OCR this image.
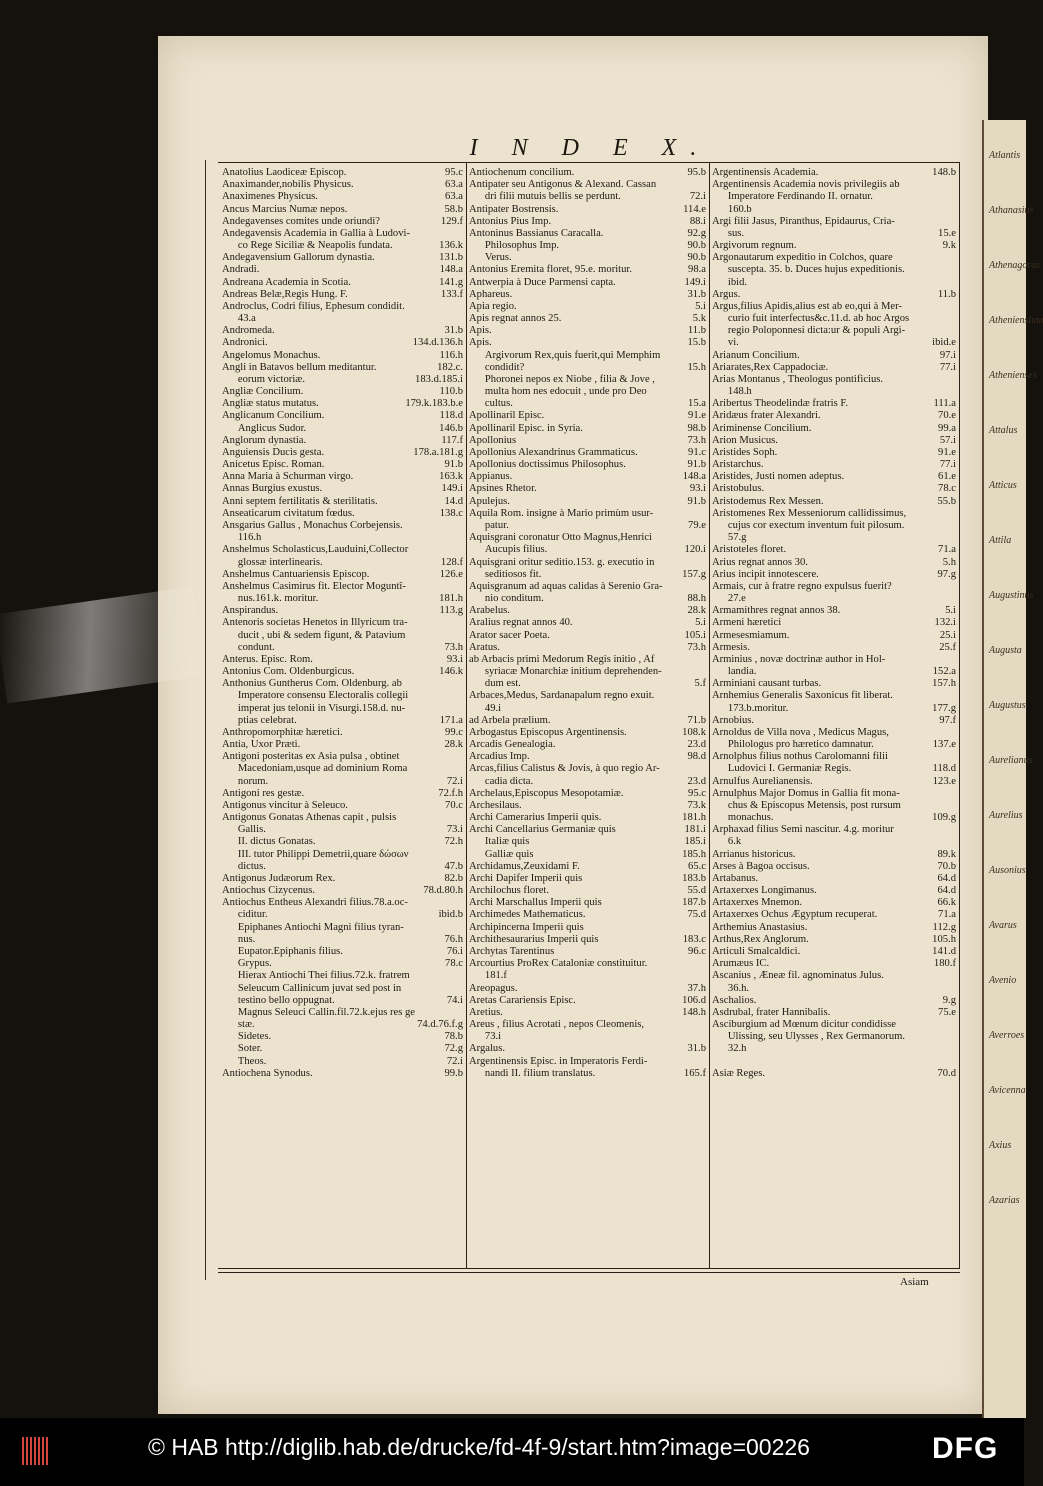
Atlantis
Athanasius
Athenagoras
Atheniensium
Athenienses
Attalus
Atticus
Attila
Augustinus
Augusta
Augustus
Aurelianus
Aurelius
Ausonius
Avarus
Avenio
Averroes
Avicenna
Axius
Azarias
I N D E X.
Anatolius Laodiceæ Episcop.	95.c
Anaximander,nobilis Physicus.	63.a
Anaximenes Physicus.	63.a
Ancus Marcius Numæ nepos.	58.b
Andegavenses comites unde oriundi?	129.f
Andegavensis Academia in Gallia à Ludovi-
  co Rege Siciliæ & Neapolis fundata.	136.k
Andegavensium Gallorum dynastia.	131.b
Andradi.	148.a
Andreana Academia in Scotia.	141.g
Andreas Belæ,Regis Hung. F.	133.f
Androclus, Codri filius, Ephesum condidit.
  43.a
Andromeda.	31.b
Andronici.	134.d.136.h
Angelomus Monachus.	116.h
Angli in Batavos bellum meditantur.	182.c.
  eorum victoriæ.	183.d.185.i
Angliæ Concilium.	110.b
Angliæ status mutatus.	179.k.183.b.e
Anglicanum Concilium.	118.d
  Anglicus Sudor.	146.b
Anglorum dynastia.	117.f
Anguiensis Ducis gesta.	178.a.181.g
Anicetus Episc. Roman.	91.b
Anna Maria à Schurman virgo.	163.k
Annas Burgius exustus.	149.i
Anni septem fertilitatis & sterilitatis.	14.d
Anseaticarum civitatum fœdus.	138.c
Ansgarius Gallus , Monachus Corbejensis.
  116.h
Anshelmus Scholasticus,Lauduini,Collector
  glossæ interlinearis.	128.f
Anshelmus Cantuariensis Episcop.	126.e
Anshelmus Casimirus fit. Elector Moguntî-
  nus.161.k. moritur.	181.h
Anspirandus.	113.g
Antenoris societas Henetos in Illyricum tra-
  ducit , ubi & sedem figunt, & Patavium
  condunt.	73.h
Anterus. Episc. Rom.	93.i
Antonius Com. Oldenburgicus.	146.k
Anthonius Guntherus Com. Oldenburg. ab
  Imperatore consensu Electoralis collegii
  imperat jus telonii in Visurgi.158.d. nu-
  ptias celebrat.	171.a
Anthropomorphitæ hæretici.	99.c
Antia, Uxor Præti.	28.k
Antigoni posteritas ex Asia pulsa , obtinet
  Macedoniam,usque ad dominium Roma
  norum.	72.i
Antigoni res gestæ.	72.f.h
Antigonus vincitur à Seleuco.	70.c
Antigonus Gonatas Athenas capit , pulsis
  Gallis.	73.i
  II. dictus Gonatas.	72.h
  III. tutor Philippi Demetrii,quare δώσων
  dictus.	47.b
Antigonus Judæorum Rex.	82.b
Antiochus Cizycenus.	78.d.80.h
Antiochus Entheus Alexandri filius.78.a.oc-
  ciditur.	ibid.b
  Epiphanes Antiochi Magni filius tyran-
  nus.	76.h
  Eupator.Epiphanis filius.	76.i
  Grypus.	78.c
  Hierax Antiochi Thei filius.72.k. fratrem
  Seleucum Callinicum juvat sed post in
  testino bello oppugnat.	74.i
  Magnus Seleuci Callin.fil.72.k.ejus res ge
  stæ.	74.d.76.f.g
  Sidetes.	78.b
  Soter.	72.g
  Theos.	72.i
Antiochena Synodus.	99.b
Antiochenum concilium.	95.b
Antipater seu Antigonus & Alexand. Cassan
  dri filii mutuis bellis se perdunt.	72.i
Antipater Bostrensis.	114.e
Antonius Pius Imp.	88.i
Antoninus Bassianus Caracalla.	92.g
  Philosophus Imp.	90.b
  Verus.	90.b
Antonius Eremita floret, 95.e. moritur.	98.a
Antwerpia à Duce Parmensi capta.	149.i
Aphareus.	31.b
Apia regio.	5.i
Apis regnat annos 25.	5.k
Apis.	11.b
Apis.	15.b
  Argivorum Rex,quis fuerit,qui Memphim
  condidit?	15.h
  Phoronei nepos ex Niobe , filia & Jove ,
  multa hom nes edocuit , unde pro Deo
  cultus.	15.a
Apollinaril Episc.	91.e
Apollinaril Episc. in Syria.	98.b
Apollonius	73.h
Apollonius Alexandrinus Grammaticus.	91.c
Apollonius doctissimus Philosophus.	91.b
Appianus.	148.a
Apsines Rhetor.	93.i
Apulejus.	91.b
Aquila Rom. insigne à Mario primùm usur-
  patur.	79.e
Aquisgrani coronatur Otto Magnus,Henrici
  Aucupis filius.	120.i
Aquisgrani oritur seditio.153. g. executio in
  seditiosos fit.	157.g
Aquisgranum ad aquas calidas à Serenio Gra-
  nio conditum.	88.h
Arabelus.	28.k
Aralius regnat annos 40.	5.i
Arator sacer Poeta.	105.i
Aratus.	73.h
ab Arbacis primi Medorum Regis initio , Af
  syriacæ Monarchiæ initium deprehenden-
  dum est.	5.f
Arbaces,Medus, Sardanapalum regno exuit.
  49.i
ad Arbela prælium.	71.b
Arbogastus Episcopus Argentinensis.	108.k
Arcadis Genealogia.	23.d
Arcadius Imp.	98.d
Arcas,filius Calistus & Jovis, à quo regio Ar-
  cadia dicta.	23.d
Archelaus,Episcopus Mesopotamiæ.	95.c
Archesilaus.	73.k
Archi Camerarius Imperii quis.	181.h
Archi Cancellarius Germaniæ quis	181.i
  Italiæ quis	185.i
  Galliæ quis	185.h
Archidamus,Zeuxidami F.	65.c
Archi Dapifer Imperii quis	183.b
Archilochus floret.	55.d
Archi Marschallus Imperii quis	187.b
Archimedes Mathematicus.	75.d
Archipincerna Imperii quis
Archithesaurarius Imperii quis	183.c
Archytas Tarentinus	96.c
Arcourtius ProRex Cataloniæ constituitur.
  181.f
Areopagus.	37.h
Aretas Carariensis Episc.	106.d
Aretius.	148.h
Areus , filius Acrotati , nepos Cleomenis,
  73.i
Argalus.	31.b
Argentinensis Episc. in Imperatoris Ferdi-
  nandi II. filium translatus.	165.f
Argentinensis Academia.	148.b
Argentinensis Academia novis privilegiis ab
  Imperatore Ferdinando II. ornatur.
  160.b
Argi filii Jasus, Piranthus, Epidaurus, Cria-
  sus.	15.e
Argivorum regnum.	9.k
Argonautarum expeditio in Colchos, quare
  suscepta. 35. b. Duces hujus expeditionis.
  ibid.
Argus.	11.b
Argus,filius Apidis,alius est ab eo,qui à Mer-
  curio fuit interfectus&c.11.d. ab hoc Argos
  regio Poloponnesi dicta:ur & populi Argi-
  vi.	ibid.e
Arianum Concilium.	97.i
Ariarates,Rex Cappadociæ.	77.i
Arias Montanus , Theologus pontificius.
  148.h
Aribertus Theodelindæ fratris F.	111.a
Aridæus frater Alexandri.	70.e
Ariminense Concilium.	99.a
Arion Musicus.	57.i
Aristides Soph.	91.e
Aristarchus.	77.i
Aristides, Justi nomen adeptus.	61.e
Aristobulus.	78.c
Aristodemus Rex Messen.	55.b
Aristomenes Rex Messeniorum callidissimus,
  cujus cor exectum inventum fuit pilosum.
  57.g
Aristoteles floret.	71.a
Arius regnat annos 30.	5.h
Arius incipit innotescere.	97.g
Armais, cur à fratre regno expulsus fuerit?
  27.e
Armamithres regnat annos 38.	5.i
Armeni hæretici	132.i
Armesesmiamum.	25.i
Armesis.	25.f
Arminius , novæ doctrinæ author in Hol-
  landia.	152.a
Arminiani causant turbas.	157.h
Arnhemius Generalis Saxonicus fit liberat.
  173.b.moritur.	177.g
Arnobius.	97.f
Arnoldus de Villa nova , Medicus Magus,
  Philologus pro hæretico damnatur.	137.e
Arnolphus filius nothus Carolomanni filii
  Ludovici I. Germaniæ Regis.	118.d
Arnulfus Aurelianensis.	123.e
Arnulphus Major Domus in Gallia fit mona-
  chus & Episcopus Metensis, post rursum
  monachus.	109.g
Arphaxad filius Semi nascitur. 4.g. moritur
  6.k
Arrianus historicus.	89.k
Arses à Bagoa occisus.	70.b
Artabanus.	64.d
Artaxerxes Longimanus.	64.d
Artaxerxes Mnemon.	66.k
Artaxerxes Ochus Ægyptum recuperat.	71.a
Arthemius Anastasius.	112.g
Arthus,Rex Anglorum.	105.h
Articuli Smalcaldici.	141.d
Arumæus IC.	180.f
Ascanius , Æneæ fil. agnominatus Julus.
  36.h.
Aschalios.	9.g
Asdrubal, frater Hannibalis.	75.e
Asciburgium ad Mœnum dicitur condidisse
  Ulissing, seu Ulysses , Rex Germanorum.
  32.h
Asiæ Reges.	70.d
Asiam
© HAB http://diglib.hab.de/drucke/fd-4f-9/start.htm?image=00226	DFG
